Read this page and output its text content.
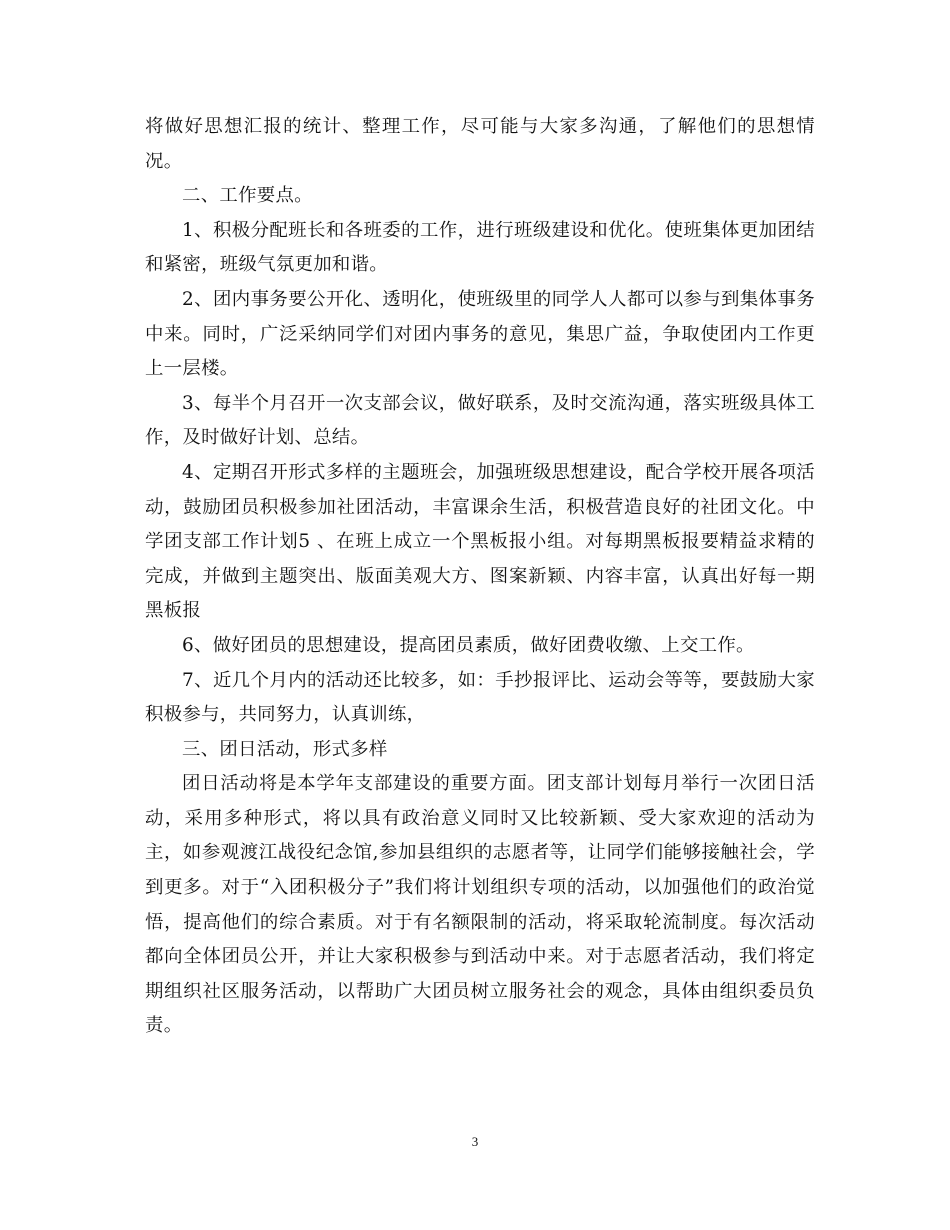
将做好思想汇报的统计、整理工作，尽可能与大家多沟通，了解他们的思想情况。

二、工作要点。

1、积极分配班长和各班委的工作，进行班级建设和优化。使班集体更加团结和紧密，班级气氛更加和谐。

2、团内事务要公开化、透明化，使班级里的同学人人都可以参与到集体事务中来。同时，广泛采纳同学们对团内事务的意见，集思广益，争取使团内工作更上一层楼。

3、每半个月召开一次支部会议，做好联系，及时交流沟通，落实班级具体工作，及时做好计划、总结。

4、定期召开形式多样的主题班会，加强班级思想建设，配合学校开展各项活动，鼓励团员积极参加社团活动，丰富课余生活，积极营造良好的社团文化。中学团支部工作计划5 、在班上成立一个黑板报小组。对每期黑板报要精益求精的完成，并做到主题突出、版面美观大方、图案新颖、内容丰富，认真出好每一期黑板报

6、做好团员的思想建设，提高团员素质，做好团费收缴、上交工作。

7、近几个月内的活动还比较多，如：手抄报评比、运动会等等，要鼓励大家积极参与，共同努力，认真训练，

三、团日活动，形式多样

团日活动将是本学年支部建设的重要方面。团支部计划每月举行一次团日活动，采用多种形式，将以具有政治意义同时又比较新颖、受大家欢迎的活动为主，如参观渡江战役纪念馆,参加县组织的志愿者等，让同学们能够接触社会，学到更多。对于“入团积极分子”我们将计划组织专项的活动，以加强他们的政治觉悟，提高他们的综合素质。对于有名额限制的活动，将采取轮流制度。每次活动都向全体团员公开，并让大家积极参与到活动中来。对于志愿者活动，我们将定期组织社区服务活动，以帮助广大团员树立服务社会的观念，具体由组织委员负责。

3
